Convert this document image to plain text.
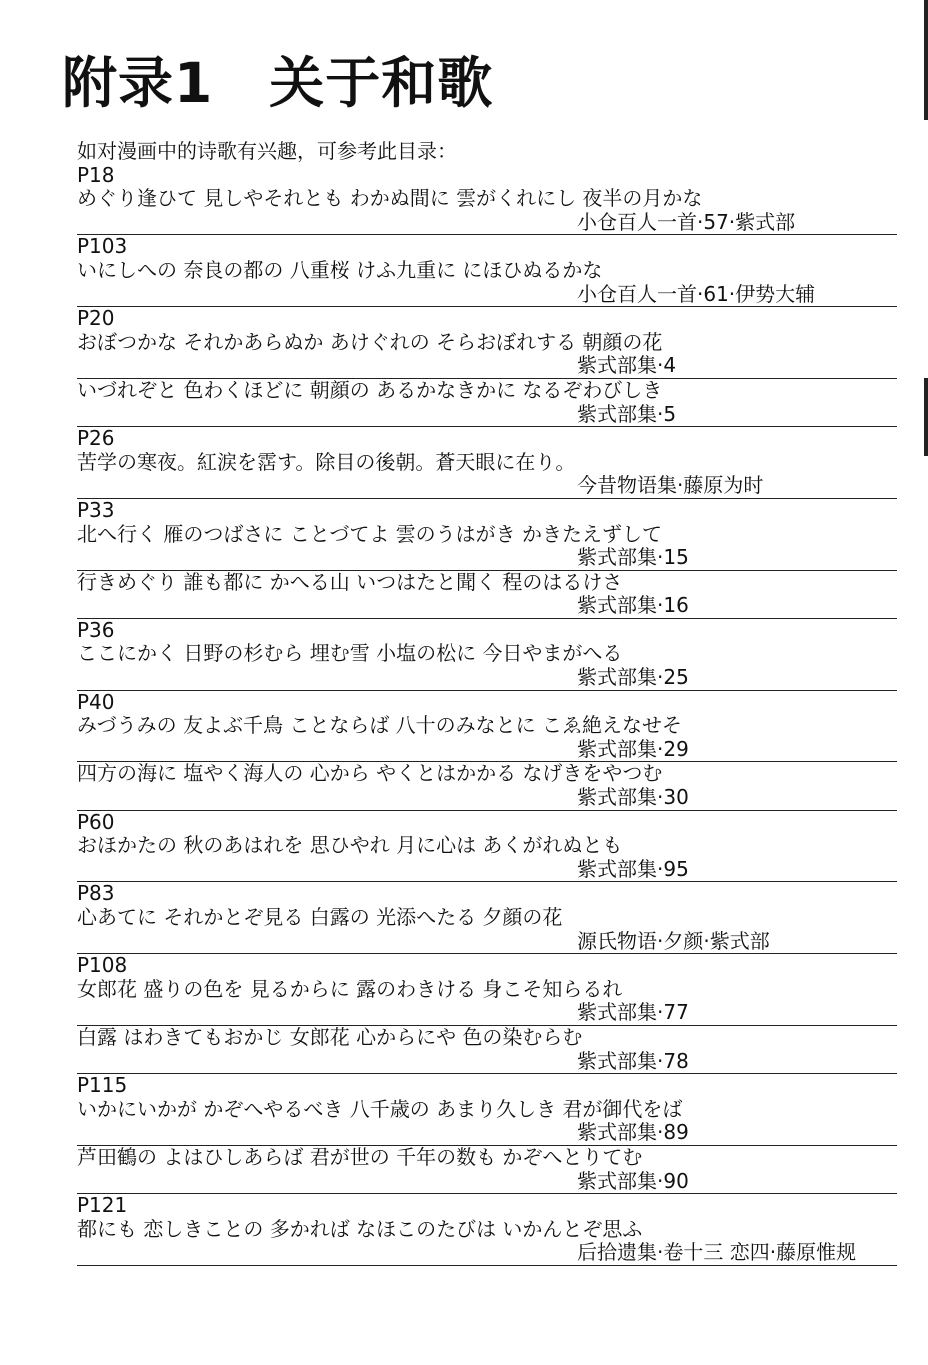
附录1　关于和歌
如对漫画中的诗歌有兴趣，可参考此目录：
P18
めぐり逢ひて 見しやそれとも わかぬ間に 雲がくれにし 夜半の月かな
小仓百人一首·57·紫式部
P103
いにしへの 奈良の都の 八重桜 けふ九重に にほひぬるかな
小仓百人一首·61·伊势大辅
P20
おぼつかな それかあらぬか あけぐれの そらおぼれする 朝顔の花
紫式部集·4
いづれぞと 色わくほどに 朝顔の あるかなきかに なるぞわびしき
紫式部集·5
P26
苦学の寒夜。紅涙を霑す。除目の後朝。蒼天眼に在り。
今昔物语集·藤原为时
P33
北へ行く 雁のつばさに ことづてよ 雲のうはがき かきたえずして
紫式部集·15
行きめぐり 誰も都に かへる山 いつはたと聞く 程のはるけさ
紫式部集·16
P36
ここにかく 日野の杉むら 埋む雪 小塩の松に 今日やまがへる
紫式部集·25
P40
みづうみの 友よぶ千鳥 ことならば 八十のみなとに こゑ絶えなせそ
紫式部集·29
四方の海に 塩やく海人の 心から やくとはかかる なげきをやつむ
紫式部集·30
P60
おほかたの 秋のあはれを 思ひやれ 月に心は あくがれぬとも
紫式部集·95
P83
心あてに それかとぞ見る 白露の 光添へたる 夕顔の花
源氏物语·夕颜·紫式部
P108
女郎花 盛りの色を 見るからに 露のわきける 身こそ知らるれ
紫式部集·77
白露 はわきてもおかじ 女郎花 心からにや 色の染むらむ
紫式部集·78
P115
いかにいかが かぞへやるべき 八千歳の あまり久しき 君が御代をば
紫式部集·89
芦田鶴の よはひしあらば 君が世の 千年の数も かぞへとりてむ
紫式部集·90
P121
都にも 恋しきことの 多かれば なほこのたびは いかんとぞ思ふ
后拾遗集·卷十三 恋四·藤原惟规
